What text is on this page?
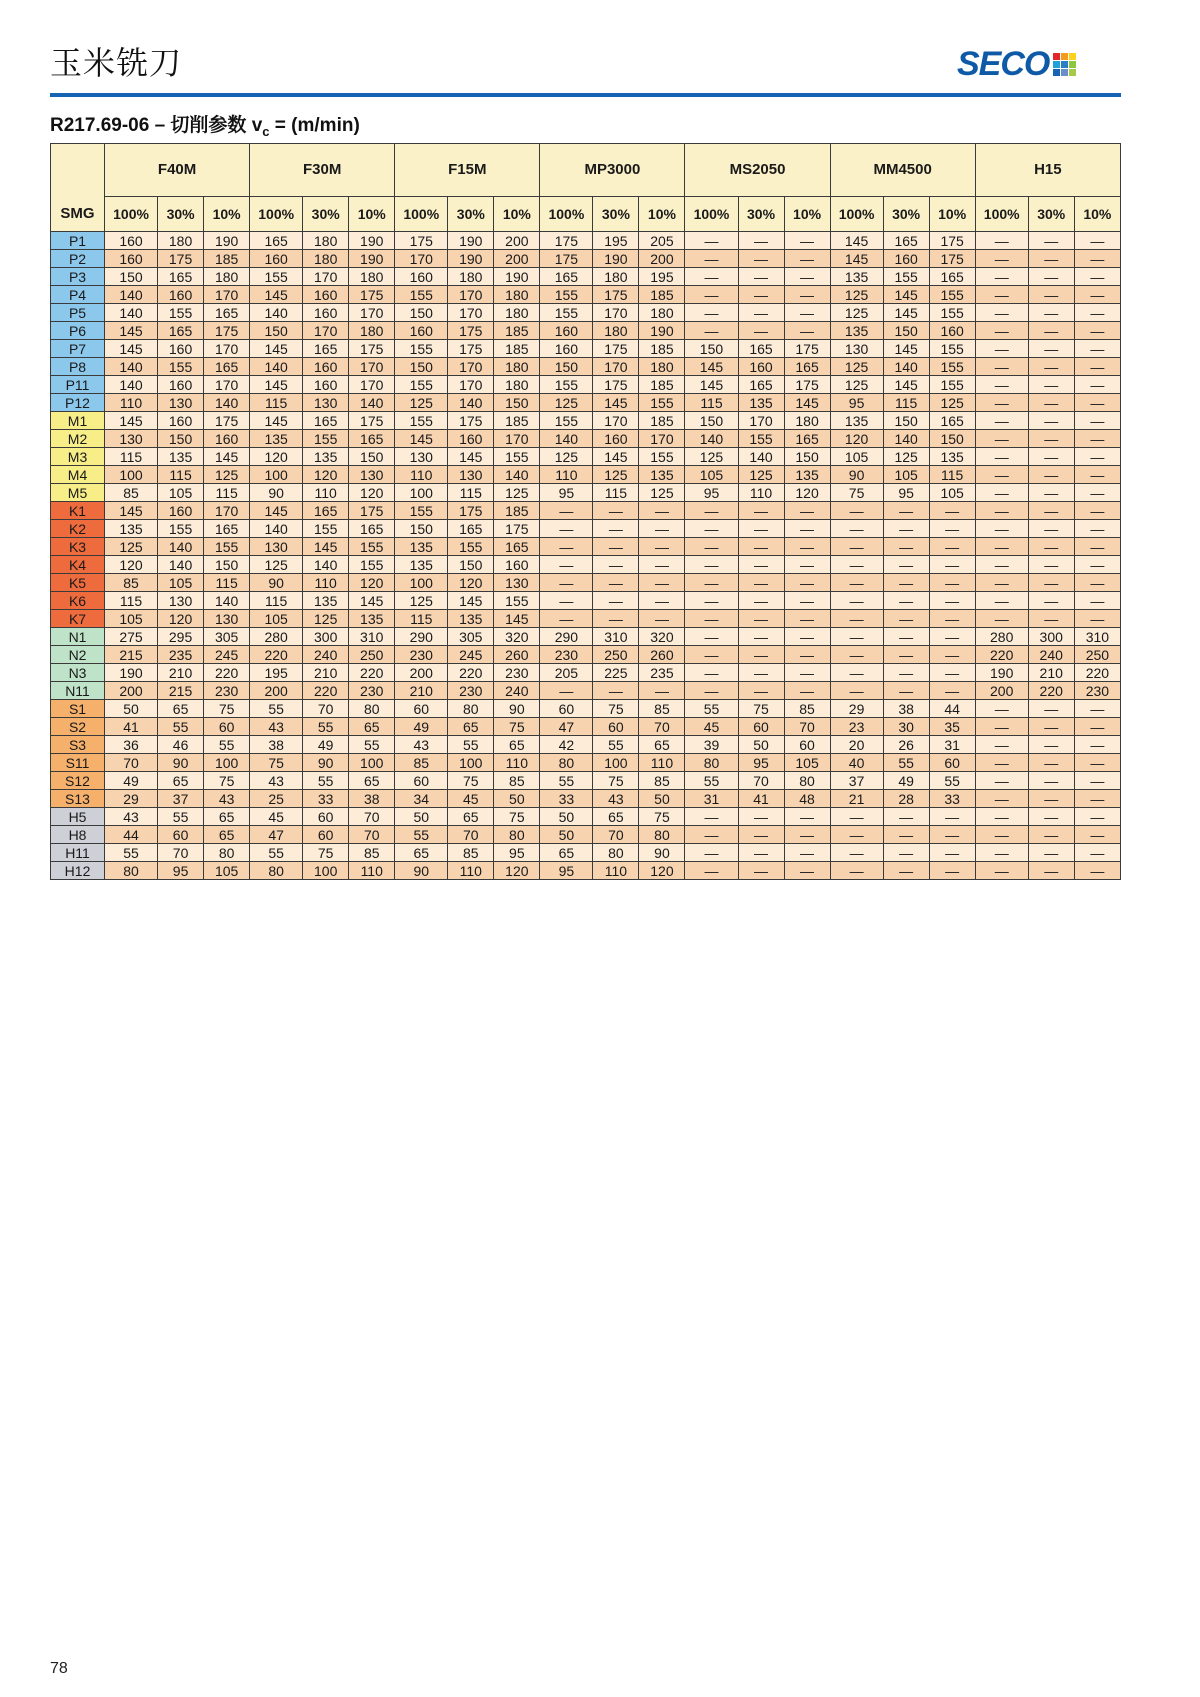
玉米铣刀	SECO
R217.69-06 – 切削参数 $v_c = (m/\min)$
SMG	F40M			F30M			F15M			MP3000			MS2050			MM4500			H15		
	100%	30%	10%	100%	30%	10%	100%	30%	10%	100%	30%	10%	100%	30%	10%	100%	30%	10%	100%	30%	10%
P1	160	180	190	165	180	190	175	190	200	175	195	205	—	—	—	145	165	175	—	—	—
P2	160	175	185	160	180	190	170	190	200	175	190	200	—	—	—	145	160	175	—	—	—
P3	150	165	180	155	170	180	160	180	190	165	180	195	—	—	—	135	155	165	—	—	—
P4	140	160	170	145	160	175	155	170	180	155	175	185	—	—	—	125	145	155	—	—	—
P5	140	155	165	140	160	170	150	170	180	155	170	180	—	—	—	125	145	155	—	—	—
P6	145	165	175	150	170	180	160	175	185	160	180	190	—	—	—	135	150	160	—	—	—
P7	145	160	170	145	165	175	155	175	185	160	175	185	150	165	175	130	145	155	—	—	—
P8	140	155	165	140	160	170	150	170	180	150	170	180	145	160	165	125	140	155	—	—	—
P11	140	160	170	145	160	170	155	170	180	155	175	185	145	165	175	125	145	155	—	—	—
P12	110	130	140	115	130	140	125	140	150	125	145	155	115	135	145	95	115	125	—	—	—
M1	145	160	175	145	165	175	155	175	185	155	170	185	150	170	180	135	150	165	—	—	—
M2	130	150	160	135	155	165	145	160	170	140	160	170	140	155	165	120	140	150	—	—	—
M3	115	135	145	120	135	150	130	145	155	125	145	155	125	140	150	105	125	135	—	—	—
M4	100	115	125	100	120	130	110	130	140	110	125	135	105	125	135	90	105	115	—	—	—
M5	85	105	115	90	110	120	100	115	125	95	115	125	95	110	120	75	95	105	—	—	—
K1	145	160	170	145	165	175	155	175	185	—	—	—	—	—	—	—	—	—	—	—	—
K2	135	155	165	140	155	165	150	165	175	—	—	—	—	—	—	—	—	—	—	—	—
K3	125	140	155	130	145	155	135	155	165	—	—	—	—	—	—	—	—	—	—	—	—
K4	120	140	150	125	140	155	135	150	160	—	—	—	—	—	—	—	—	—	—	—	—
K5	85	105	115	90	110	120	100	120	130	—	—	—	—	—	—	—	—	—	—	—	—
K6	115	130	140	115	135	145	125	145	155	—	—	—	—	—	—	—	—	—	—	—	—
K7	105	120	130	105	125	135	115	135	145	—	—	—	—	—	—	—	—	—	—	—	—
N1	275	295	305	280	300	310	290	305	320	290	310	320	—	—	—	—	—	—	280	300	310
N2	215	235	245	220	240	250	230	245	260	230	250	260	—	—	—	—	—	—	220	240	250
N3	190	210	220	195	210	220	200	220	230	205	225	235	—	—	—	—	—	—	190	210	220
N11	200	215	230	200	220	230	210	230	240	—	—	—	—	—	—	—	—	—	200	220	230
S1	50	65	75	55	70	80	60	80	90	60	75	85	55	75	85	29	38	44	—	—	—
S2	41	55	60	43	55	65	49	65	75	47	60	70	45	60	70	23	30	35	—	—	—
S3	36	46	55	38	49	55	43	55	65	42	55	65	39	50	60	20	26	31	—	—	—
S11	70	90	100	75	90	100	85	100	110	80	100	110	80	95	105	40	55	60	—	—	—
S12	49	65	75	43	55	65	60	75	85	55	75	85	55	70	80	37	49	55	—	—	—
S13	29	37	43	25	33	38	34	45	50	33	43	50	31	41	48	21	28	33	—	—	—
H5	43	55	65	45	60	70	50	65	75	50	65	75	—	—	—	—	—	—	—	—	—
H8	44	60	65	47	60	70	55	70	80	50	70	80	—	—	—	—	—	—	—	—	—
H11	55	70	80	55	75	85	65	85	95	65	80	90	—	—	—	—	—	—	—	—	—
H12	80	95	105	80	100	110	90	110	120	95	110	120	—	—	—	—	—	—	—	—	—
78
